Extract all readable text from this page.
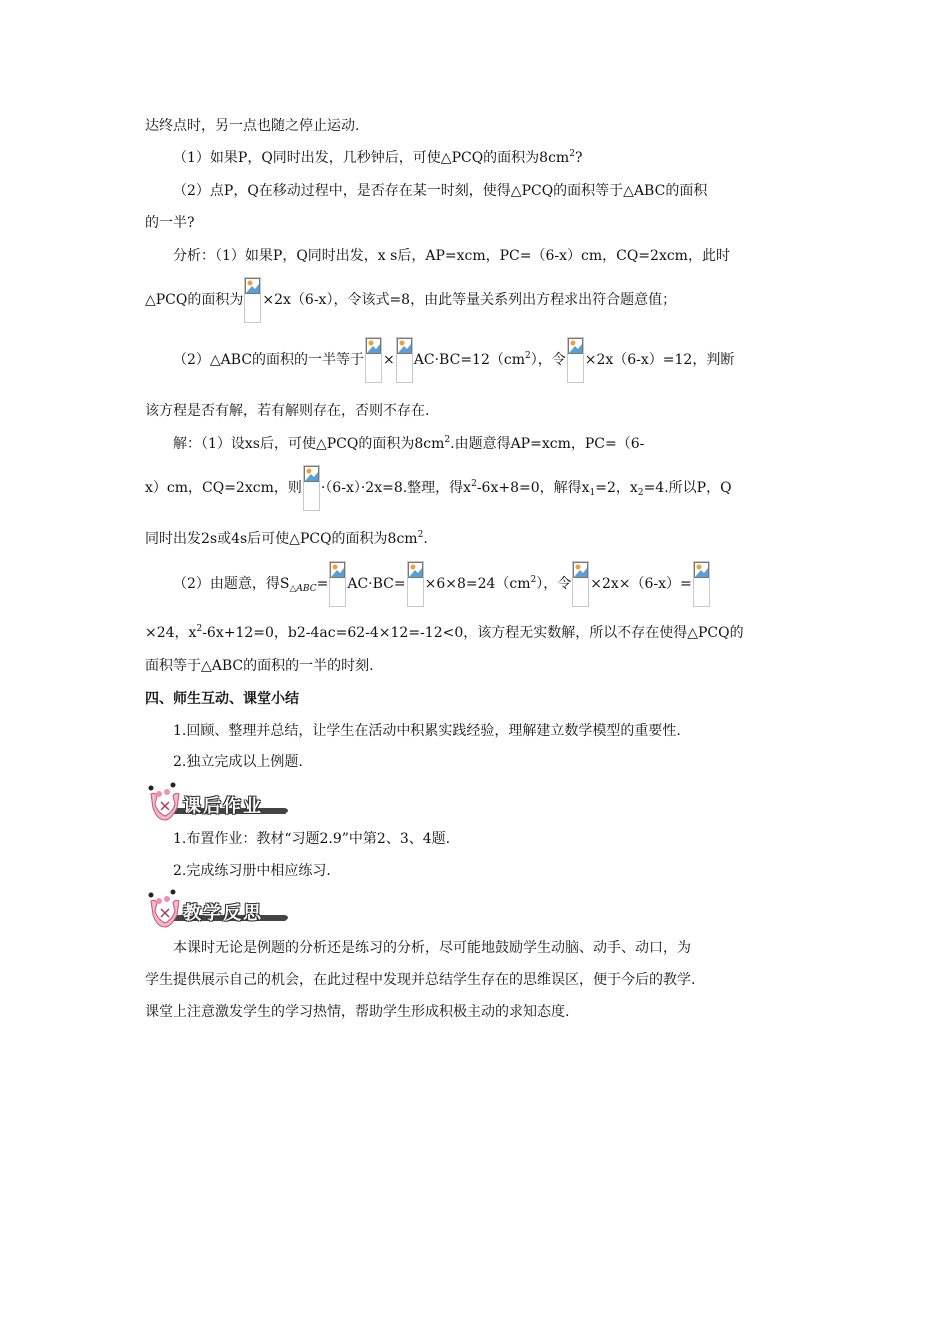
达终点时，另一点也随之停止运动.
（1）如果P，Q同时出发，几秒钟后，可使△PCQ的面积为$8cm^2$?
（2）点P，Q在移动过程中，是否存在某一时刻，使得△PCQ的面积等于△ABC的面积
的一半?
分析：（1）如果P，Q同时出发，x s后，AP=xcm，PC=（6-x）cm，CQ=2xcm，此时
△PCQ的面积为 ×2x（6-x），令该式=8，由此等量关系列出方程求出符合题意值；
（2）△ABC的面积的一半等于 × $AC\cdot BC=12(cm^2)$，令 ×2x（6-x）=12，判断
该方程是否有解，若有解则存在，否则不存在.
解：（1）设xs后，可使△PCQ的面积为$8cm^2$.由题意得AP=xcm，PC=（6-
x）cm，CQ=2xcm，则 ·（6-x）·2x=8.整理，得$x^2-6x+8=0$，解得$x_1=2$，$x_2=4$.所以P，Q
同时出发2s或4s后可使△PCQ的面积为$8cm^2$.
（2）由题意，得$S_{\triangle ABC}= AC\cdot BC= \times 6\times 8=24(cm^2)$，令 ×2x×（6-x）=
×24，$x^2-6x+12=0$，b2-4ac=62-4×12=-12<0，该方程无实数解，所以不存在使得△PCQ的
面积等于△ABC的面积的一半的时刻.
四、师生互动、课堂小结
1.回顾、整理并总结，让学生在活动中积累实践经验，理解建立数学模型的重要性.
2.独立完成以上例题.
课后作业
1.布置作业：教材“习题2.9”中第2、3、4题.
2.完成练习册中相应练习.
教学反思
本课时无论是例题的分析还是练习的分析，尽可能地鼓励学生动脑、动手、动口，为
学生提供展示自己的机会，在此过程中发现并总结学生存在的思维误区，便于今后的教学.
课堂上注意激发学生的学习热情，帮助学生形成积极主动的求知态度.
